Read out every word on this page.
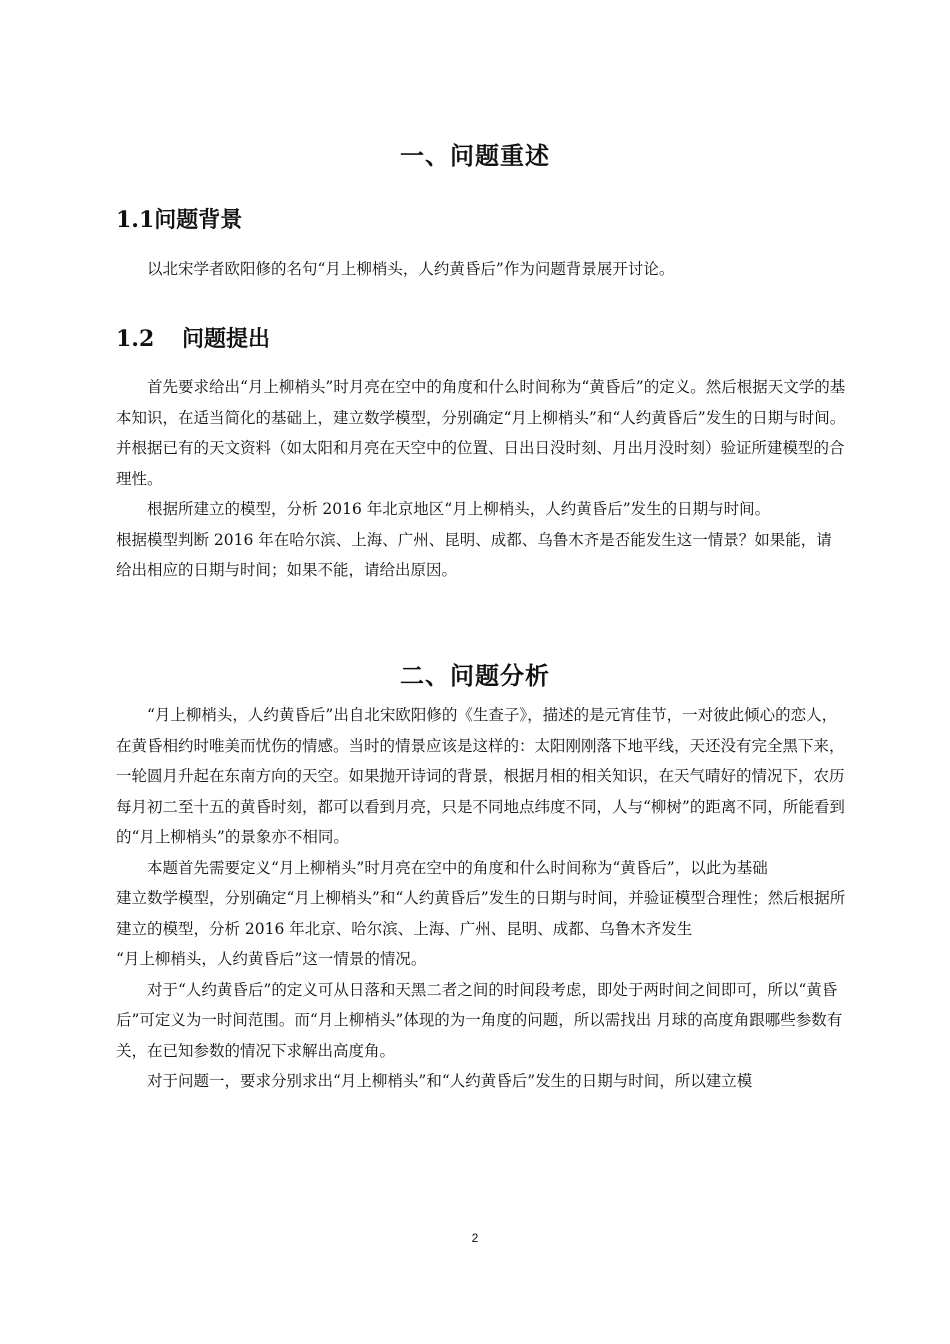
一、问题重述
1.1问题背景

以北宋学者欧阳修的名句“月上柳梢头，人约黄昏后”作为问题背景展开讨论。

1.2 问题提出

首先要求给出“月上柳梢头”时月亮在空中的角度和什么时间称为“黄昏后”的定义。然后根据天文学的基本知识，在适当简化的基础上，建立数学模型，分别确定“月上柳梢头”和“人约黄昏后”发生的日期与时间。并根据已有的天文资料（如太阳和月亮在天空中的位置、日出日没时刻、月出月没时刻）验证所建模型的合理性。

根据所建立的模型，分析 2016 年北京地区“月上柳梢头，人约黄昏后”发生的日期与时间。

根据模型判断 2016 年在哈尔滨、上海、广州、昆明、成都、乌鲁木齐是否能发生这一情景？如果能，请给出相应的日期与时间；如果不能，请给出原因。

二、问题分析

“月上柳梢头，人约黄昏后”出自北宋欧阳修的《生查子》，描述的是元宵佳节，一对彼此倾心的恋人，在黄昏相约时唯美而忧伤的情感。当时的情景应该是这样的：太阳刚刚落下地平线，天还没有完全黑下来，一轮圆月升起在东南方向的天空。如果抛开诗词的背景，根据月相的相关知识，在天气晴好的情况下，农历每月初二至十五的黄昏时刻，都可以看到月亮，只是不同地点纬度不同，人与“柳树”的距离不同，所能看到的“月上柳梢头”的景象亦不相同。

本题首先需要定义“月上柳梢头”时月亮在空中的角度和什么时间称为“黄昏后”，以此为基础

建立数学模型，分别确定“月上柳梢头”和“人约黄昏后”发生的日期与时间，并验证模型合理性；然后根据所建立的模型，分析 2016 年北京、哈尔滨、上海、广州、昆明、成都、乌鲁木齐发生

“月上柳梢头，人约黄昏后”这一情景的情况。

对于“人约黄昏后”的定义可从日落和天黑二者之间的时间段考虑，即处于两时间之间即可，所以“黄昏后”可定义为一时间范围。而“月上柳梢头”体现的为一角度的问题，所以需找出 月球的高度角跟哪些参数有关，在已知参数的情况下求解出高度角。

对于问题一，要求分别求出“月上柳梢头”和“人约黄昏后”发生的日期与时间，所以建立模

2
